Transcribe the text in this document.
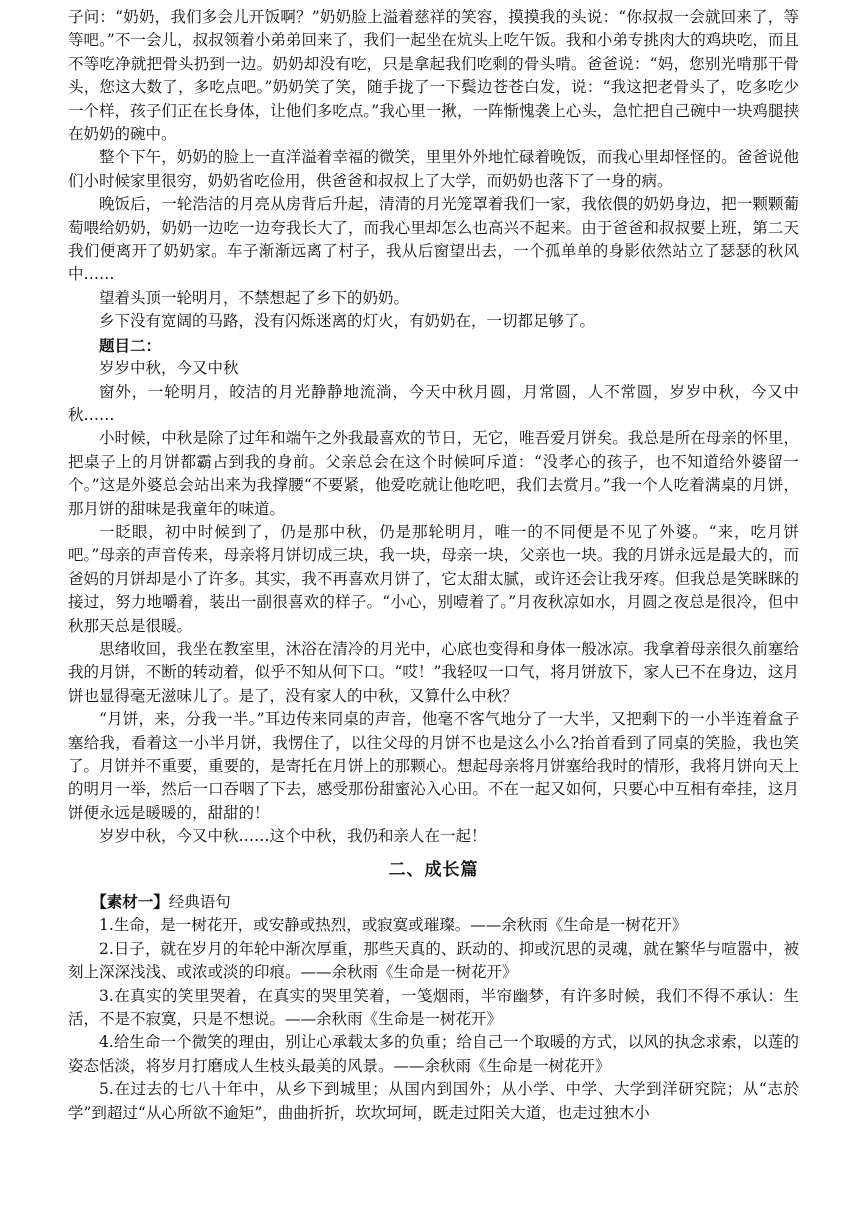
子问：“奶奶，我们多会儿开饭啊？”奶奶脸上溢着慈祥的笑容，摸摸我的头说：“你叔叔一会就回来了，等等吧。”不一会儿，叔叔领着小弟弟回来了，我们一起坐在炕头上吃午饭。我和小弟专挑肉大的鸡块吃，而且不等吃净就把骨头扔到一边。奶奶却没有吃，只是拿起我们吃剩的骨头啃。爸爸说：“妈，您别光啃那干骨头，您这大数了，多吃点吧。”奶奶笑了笑，随手拢了一下鬓边苍苍白发，说：“我这把老骨头了，吃多吃少一个样，孩子们正在长身体，让他们多吃点。”我心里一揪，一阵惭愧袭上心头，急忙把自己碗中一块鸡腿挟在奶奶的碗中。

整个下午，奶奶的脸上一直洋溢着幸福的微笑，里里外外地忙碌着晚饭，而我心里却怪怪的。爸爸说他们小时候家里很穷，奶奶省吃俭用，供爸爸和叔叔上了大学，而奶奶也落下了一身的病。

晚饭后，一轮浩洁的月亮从房背后升起，清清的月光笼罩着我们一家，我依偎的奶奶身边，把一颗颗葡萄喂给奶奶，奶奶一边吃一边夸我长大了，而我心里却怎么也高兴不起来。由于爸爸和叔叔要上班，第二天我们便离开了奶奶家。车子渐渐远离了村子，我从后窗望出去，一个孤单单的身影依然站立了瑟瑟的秋风中……

望着头顶一轮明月，不禁想起了乡下的奶奶。

乡下没有宽阔的马路，没有闪烁迷离的灯火，有奶奶在，一切都足够了。

题目二：

岁岁中秋，今又中秋

窗外，一轮明月，皎洁的月光静静地流淌，今天中秋月圆，月常圆，人不常圆，岁岁中秋，今又中秋……

小时候，中秋是除了过年和端午之外我最喜欢的节日，无它，唯吾爱月饼矣。我总是所在母亲的怀里，把桌子上的月饼都霸占到我的身前。父亲总会在这个时候呵斥道：“没孝心的孩子，也不知道给外婆留一个。”这是外婆总会站出来为我撑腰“不要紧，他爱吃就让他吃吧，我们去赏月。”我一个人吃着满桌的月饼，那月饼的甜味是我童年的味道。

一眨眼，初中时候到了，仍是那中秋，仍是那轮明月，唯一的不同便是不见了外婆。“来，吃月饼吧。”母亲的声音传来，母亲将月饼切成三块，我一块，母亲一块，父亲也一块。我的月饼永远是最大的，而爸妈的月饼却是小了许多。其实，我不再喜欢月饼了，它太甜太腻，或许还会让我牙疼。但我总是笑眯眯的接过，努力地嚼着，装出一副很喜欢的样子。“小心，别噎着了。”月夜秋凉如水，月圆之夜总是很冷，但中秋那天总是很暖。

思绪收回，我坐在教室里，沐浴在清冷的月光中，心底也变得和身体一般冰凉。我拿着母亲很久前塞给我的月饼，不断的转动着，似乎不知从何下口。“哎！”我轻叹一口气，将月饼放下，家人已不在身边，这月饼也显得毫无滋味儿了。是了，没有家人的中秋，又算什么中秋？

“月饼，来，分我一半。”耳边传来同桌的声音，他毫不客气地分了一大半，又把剩下的一小半连着盒子塞给我，看着这一小半月饼，我愣住了，以往父母的月饼不也是这么小么?抬首看到了同桌的笑脸，我也笑了。月饼并不重要，重要的，是寄托在月饼上的那颗心。想起母亲将月饼塞给我时的情形，我将月饼向天上的明月一举，然后一口吞咽了下去，感受那份甜蜜沁入心田。不在一起又如何，只要心中互相有牵挂，这月饼便永远是暖暖的，甜甜的！

岁岁中秋，今又中秋……这个中秋，我仍和亲人在一起！

二、成长篇

【素材一】经典语句

1.生命，是一树花开，或安静或热烈，或寂寞或璀璨。——余秋雨《生命是一树花开》

2.日子，就在岁月的年轮中渐次厚重，那些天真的、跃动的、抑或沉思的灵魂，就在繁华与喧嚣中，被刻上深深浅浅、或浓或淡的印痕。——余秋雨《生命是一树花开》

3.在真实的笑里哭着，在真实的哭里笑着，一笺烟雨，半帘幽梦，有许多时候，我们不得不承认：生活，不是不寂寞，只是不想说。——余秋雨《生命是一树花开》

4.给生命一个微笑的理由，别让心承载太多的负重；给自己一个取暖的方式，以风的执念求索，以莲的姿态恬淡，将岁月打磨成人生枝头最美的风景。——余秋雨《生命是一树花开》

5.在过去的七八十年中，从乡下到城里；从国内到国外；从小学、中学、大学到洋研究院；从“志於学”到超过“从心所欲不逾矩”，曲曲折折，坎坎坷坷，既走过阳关大道，也走过独木小
